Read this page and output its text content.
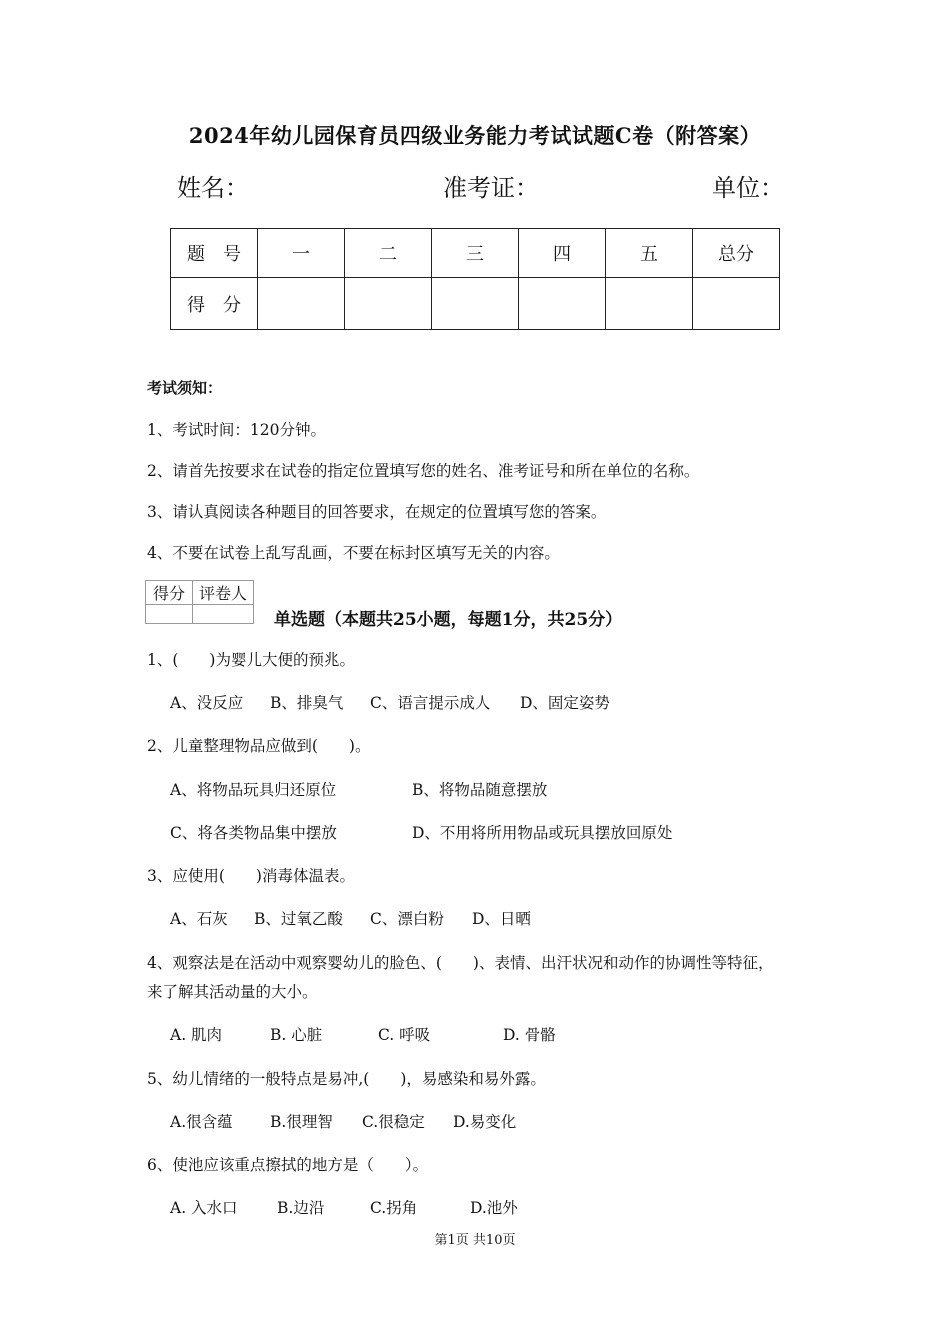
2024年幼儿园保育员四级业务能力考试试题C卷（附答案）
姓名：	准考证：	单位：
题　号	一	二	三	四	五	总分
得　分						
考试须知：
1、考试时间：120分钟。
2、请首先按要求在试卷的指定位置填写您的姓名、准考证号和所在单位的名称。
3、请认真阅读各种题目的回答要求，在规定的位置填写您的答案。
4、不要在试卷上乱写乱画，不要在标封区填写无关的内容。
得分	评卷人

单选题（本题共25小题，每题1分，共25分）
1、(　　)为婴儿大便的预兆。
A、没反应 B、排臭气 C、语言提示成人 D、固定姿势
2、儿童整理物品应做到(　　)。
A、将物品玩具归还原位	B、将物品随意摆放
C、将各类物品集中摆放	D、不用将所用物品或玩具摆放回原处
3、应使用(　　)消毒体温表。
A、石灰 B、过氧乙酸 C、漂白粉 D、日晒
4、观察法是在活动中观察婴幼儿的脸色、(　　)、表情、出汗状况和动作的协调性等特征，
来了解其活动量的大小。
A. 肌肉	B. 心脏	C. 呼吸	D. 骨骼
5、幼儿情绪的一般特点是易冲,(　　)，易感染和易外露。
A.很含蕴 B.很理智 C.很稳定 D.易变化
6、使池应该重点擦拭的地方是（　　）。
A. 入水口	B.边沿	C.拐角	D.池外
第1页 共10页
